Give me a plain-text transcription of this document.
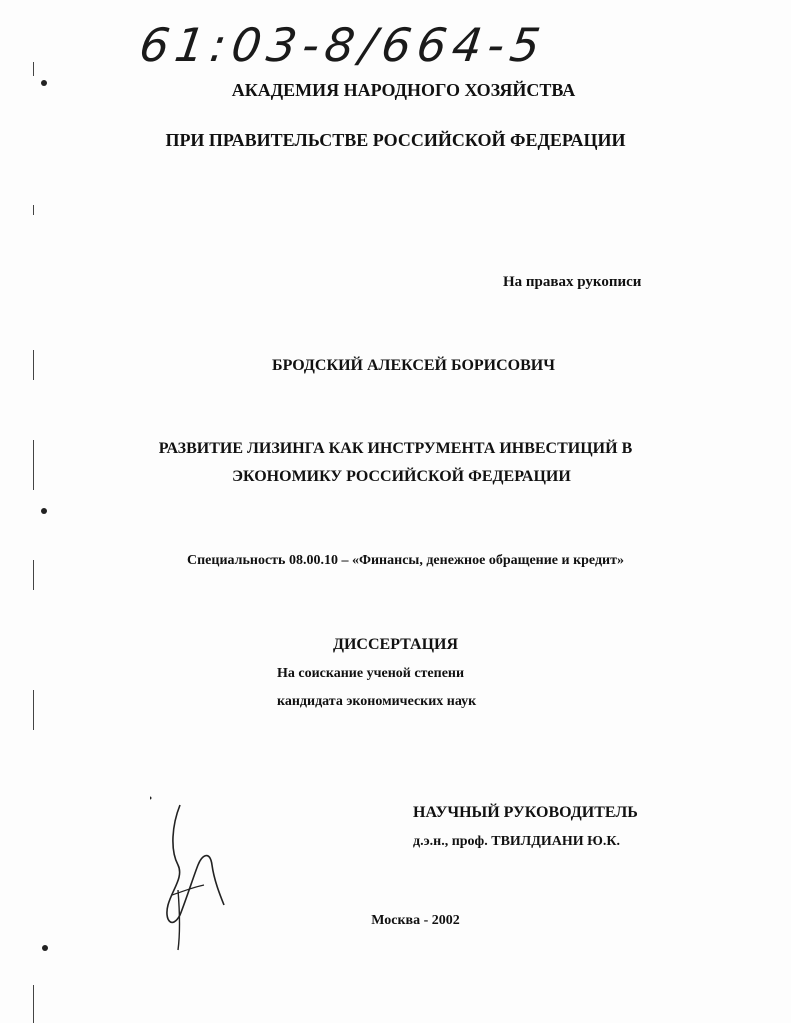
61:03-8/664-5
АКАДЕМИЯ НАРОДНОГО ХОЗЯЙСТВА
ПРИ ПРАВИТЕЛЬСТВЕ РОССИЙСКОЙ ФЕДЕРАЦИИ
На правах рукописи
БРОДСКИЙ АЛЕКСЕЙ БОРИСОВИЧ
РАЗВИТИЕ ЛИЗИНГА КАК ИНСТРУМЕНТА ИНВЕСТИЦИЙ В
ЭКОНОМИКУ РОССИЙСКОЙ ФЕДЕРАЦИИ
Специальность 08.00.10 – «Финансы, денежное обращение и кредит»
ДИССЕРТАЦИЯ
На соискание ученой степени
кандидата экономических наук
НАУЧНЫЙ РУКОВОДИТЕЛЬ
д.э.н., проф. ТВИЛДИАНИ Ю.К.
Москва - 2002
